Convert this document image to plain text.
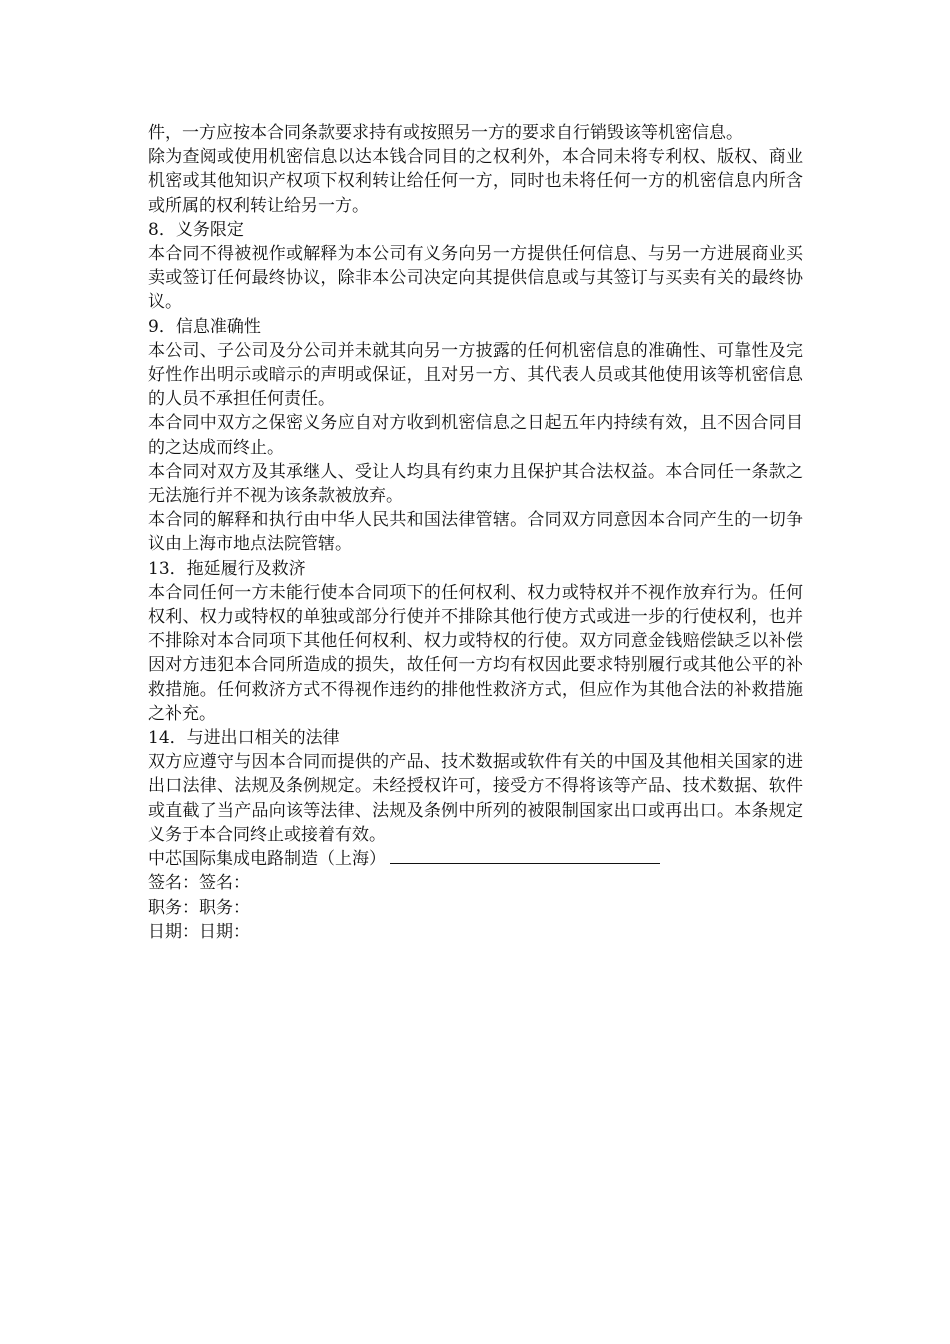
件，一方应按本合同条款要求持有或按照另一方的要求自行销毁该等机密信息。

除为查阅或使用机密信息以达本钱合同目的之权利外，本合同未将专利权、版权、商业机密或其他知识产权项下权利转让给任何一方，同时也未将任何一方的机密信息内所含或所属的权利转让给另一方。

8．义务限定

本合同不得被视作或解释为本公司有义务向另一方提供任何信息、与另一方进展商业买卖或签订任何最终协议，除非本公司决定向其提供信息或与其签订与买卖有关的最终协议。

9．信息准确性

本公司、子公司及分公司并未就其向另一方披露的任何机密信息的准确性、可靠性及完好性作出明示或暗示的声明或保证，且对另一方、其代表人员或其他使用该等机密信息的人员不承担任何责任。

本合同中双方之保密义务应自对方收到机密信息之日起五年内持续有效，且不因合同目的之达成而终止。

本合同对双方及其承继人、受让人均具有约束力且保护其合法权益。本合同任一条款之无法施行并不视为该条款被放弃。

本合同的解释和执行由中华人民共和国法律管辖。合同双方同意因本合同产生的一切争议由上海市地点法院管辖。

13．拖延履行及救济

本合同任何一方未能行使本合同项下的任何权利、权力或特权并不视作放弃行为。任何权利、权力或特权的单独或部分行使并不排除其他行使方式或进一步的行使权利，也并不排除对本合同项下其他任何权利、权力或特权的行使。双方同意金钱赔偿缺乏以补偿因对方违犯本合同所造成的损失，故任何一方均有权因此要求特别履行或其他公平的补救措施。任何救济方式不得视作违约的排他性救济方式，但应作为其他合法的补救措施之补充。

14．与进出口相关的法律

双方应遵守与因本合同而提供的产品、技术数据或软件有关的中国及其他相关国家的进出口法律、法规及条例规定。未经授权许可，接受方不得将该等产品、技术数据、软件或直截了当产品向该等法律、法规及条例中所列的被限制国家出口或再出口。本条规定义务于本合同终止或接着有效。

中芯国际集成电路制造（上海）
签名：签名：
职务：职务：
日期：日期：
